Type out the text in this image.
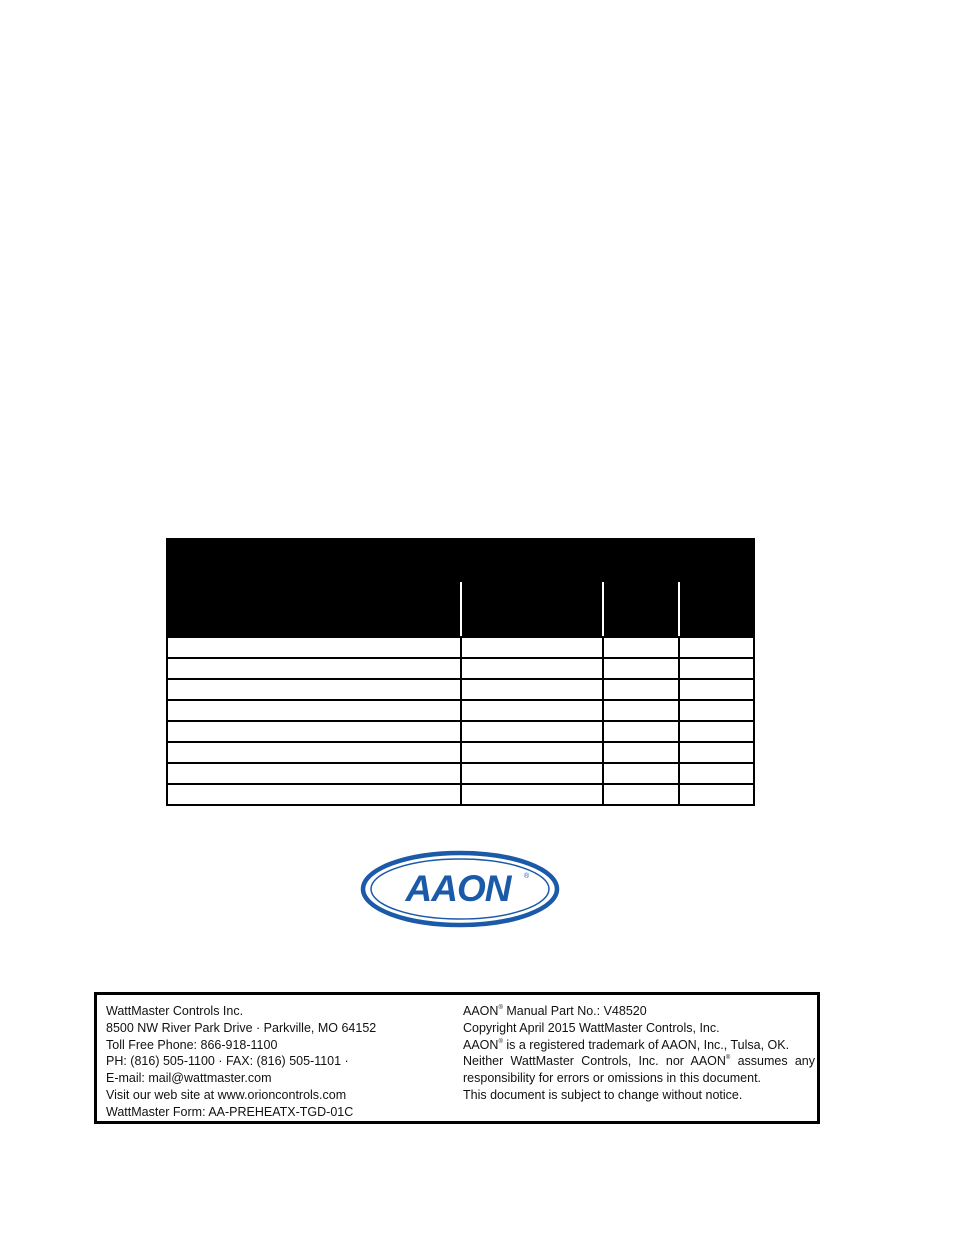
AAON	®
WattMaster Controls Inc.
8500 NW River Park Drive · Parkville, MO 64152
Toll Free Phone: 866-918-1100
PH: (816) 505-1100 · FAX: (816) 505-1101 ·
E-mail: mail@wattmaster.com
Visit our web site at www.orioncontrols.com
WattMaster Form: AA-PREHEATX-TGD-01C
AAON® Manual Part No.: V48520
Copyright April 2015 WattMaster Controls, Inc.
AAON® is a registered trademark of AAON, Inc., Tulsa, OK.
Neither WattMaster Controls, Inc. nor AAON® assumes any
responsibility for errors or omissions in this document.
This document is subject to change without notice.
